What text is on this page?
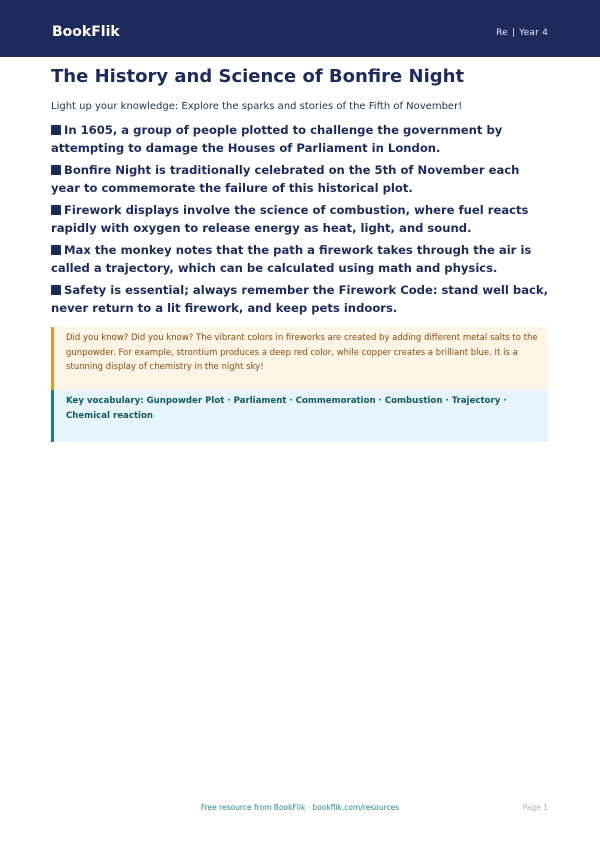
BookFlik	Re | Year 4
The History and Science of Bonfire Night

Light up your knowledge: Explore the sparks and stories of the Fifth of November!

In 1605, a group of people plotted to challenge the government by attempting to damage the Houses of Parliament in London.
Bonfire Night is traditionally celebrated on the 5th of November each year to commemorate the failure of this historical plot.
Firework displays involve the science of combustion, where fuel reacts rapidly with oxygen to release energy as heat, light, and sound.
Max the monkey notes that the path a firework takes through the air is called a trajectory, which can be calculated using math and physics.
Safety is essential; always remember the Firework Code: stand well back, never return to a lit firework, and keep pets indoors.

Did you know? Did you know? The vibrant colors in fireworks are created by adding different metal salts to the gunpowder. For example, strontium produces a deep red color, while copper creates a brilliant blue. It is a stunning display of chemistry in the night sky!

Key vocabulary: Gunpowder Plot · Parliament · Commemoration · Combustion · Trajectory · Chemical reaction

Free resource from BookFlik · bookflik.com/resources	Page 1
